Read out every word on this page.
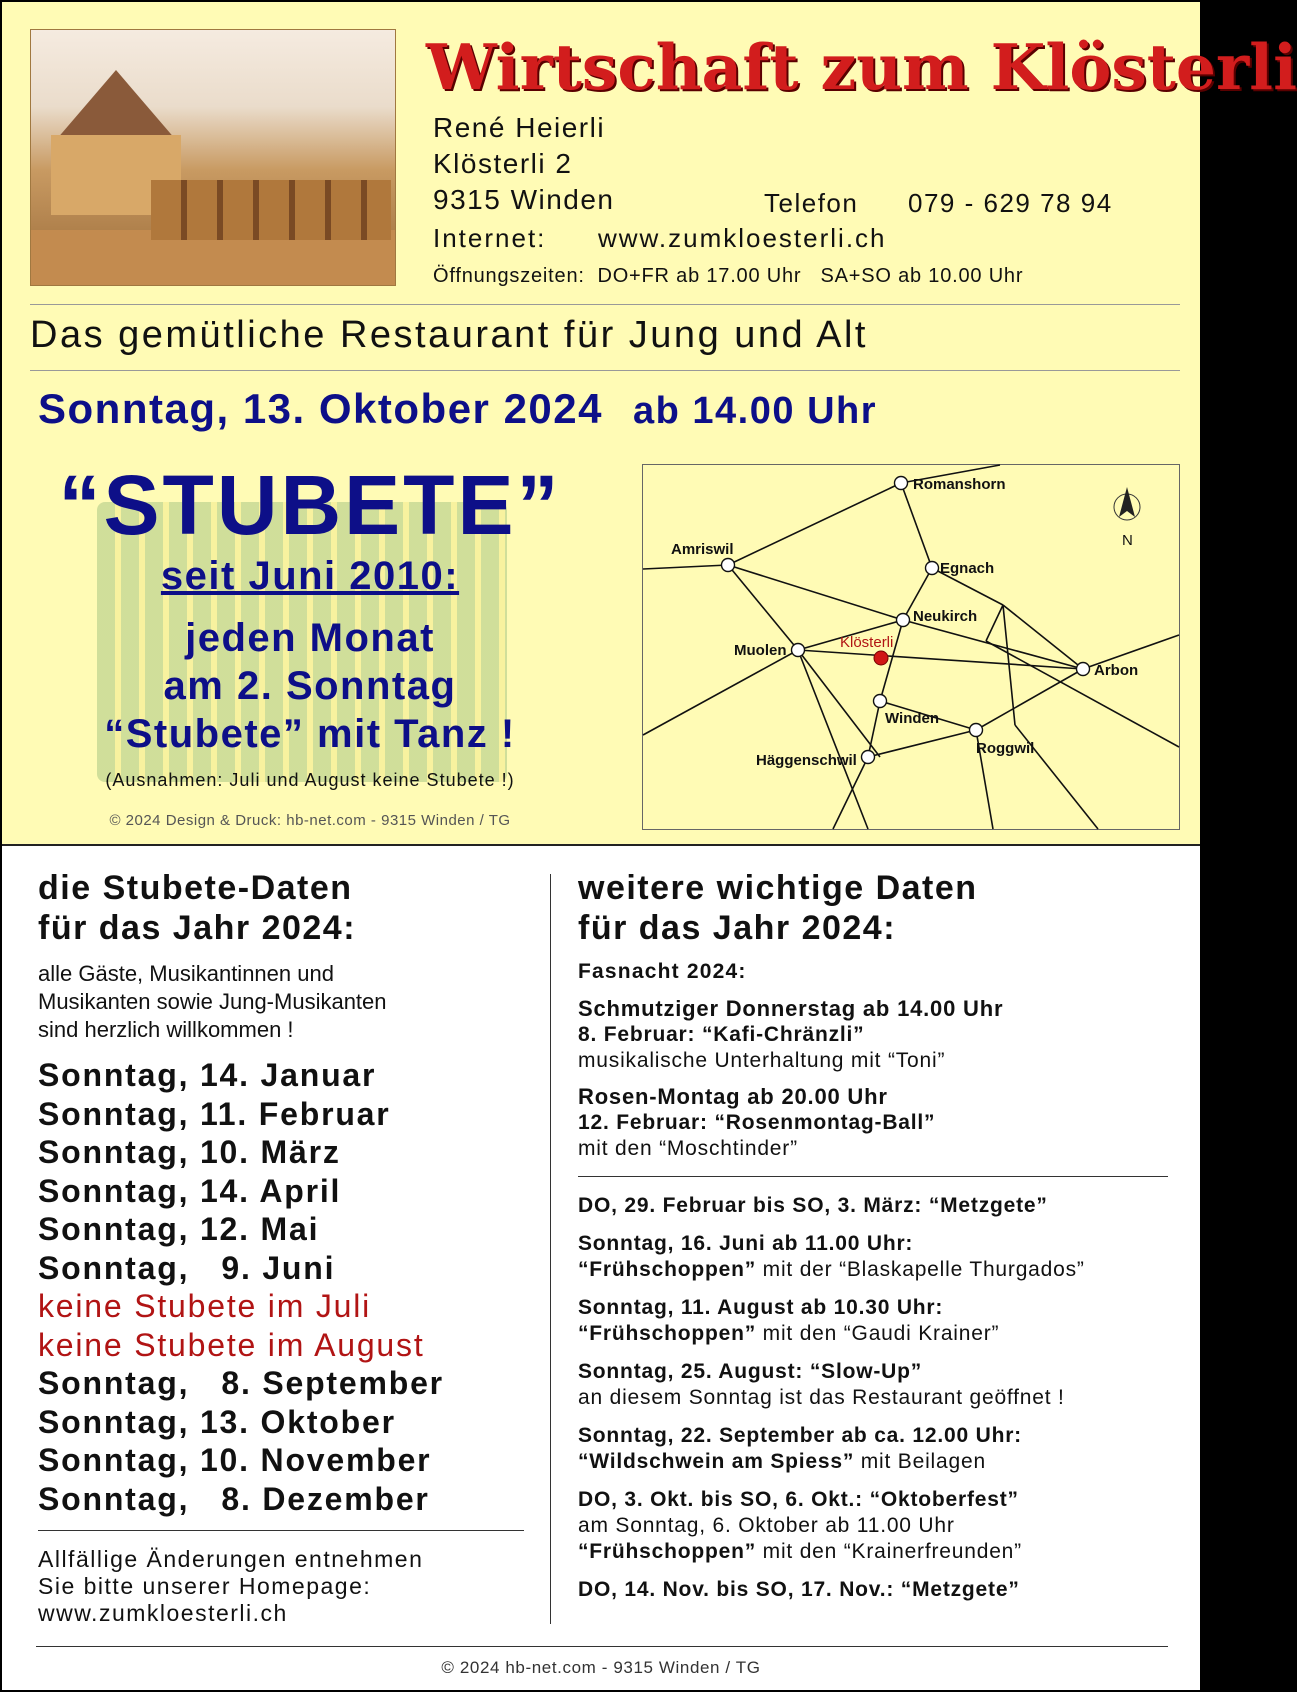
Wirtschaft zum Klösterli
René Heierli
Klösterli 2
9315 Winden	Telefon 079 - 629 78 94
Internet: www.zumkloesterli.ch
Öffnungszeiten: DO+FR ab 17.00 Uhr SA+SO ab 10.00 Uhr
Das gemütliche Restaurant für Jung und Alt
Sonntag, 13. Oktober 2024 ab 14.00 Uhr
“STUBETE”
seit Juni 2010:
jeden Monat
am 2. Sonntag
“Stubete” mit Tanz !
(Ausnahmen: Juli und August keine Stubete !)
© 2024 Design & Druck: hb-net.com - 9315 Winden / TG
Romanshorn
Amriswil
Egnach
Neukirch
Klösterli
Muolen
Arbon
Winden
Roggwil
Häggenschwil
N
die Stubete-Daten
für das Jahr 2024:
alle Gäste, Musikantinnen und
Musikanten sowie Jung-Musikanten
sind herzlich willkommen !
Sonntag, 14. Januar
Sonntag, 11. Februar
Sonntag, 10. März
Sonntag, 14. April
Sonntag, 12. Mai
Sonntag,   9. Juni
keine Stubete im Juli
keine Stubete im August
Sonntag,   8. September
Sonntag, 13. Oktober
Sonntag, 10. November
Sonntag,   8. Dezember
Allfällige Änderungen entnehmen
Sie bitte unserer Homepage:
www.zumkloesterli.ch
weitere wichtige Daten
für das Jahr 2024:
Fasnacht 2024:
Schmutziger Donnerstag ab 14.00 Uhr
8. Februar: “Kafi-Chränzli”
musikalische Unterhaltung mit “Toni”
Rosen-Montag ab 20.00 Uhr
12. Februar: “Rosenmontag-Ball”
mit den “Moschtinder”
DO, 29. Februar bis SO, 3. März: “Metzgete”
Sonntag, 16. Juni ab 11.00 Uhr:
“Frühschoppen” mit der “Blaskapelle Thurgados”
Sonntag, 11. August ab 10.30 Uhr:
“Frühschoppen” mit den “Gaudi Krainer”
Sonntag, 25. August: “Slow-Up”
an diesem Sonntag ist das Restaurant geöffnet !
Sonntag, 22. September ab ca. 12.00 Uhr:
“Wildschwein am Spiess” mit Beilagen
DO, 3. Okt. bis SO, 6. Okt.: “Oktoberfest”
am Sonntag, 6. Oktober ab 11.00 Uhr
“Frühschoppen” mit den “Krainerfreunden”
DO, 14. Nov. bis SO, 17. Nov.: “Metzgete”
© 2024 hb-net.com - 9315 Winden / TG
